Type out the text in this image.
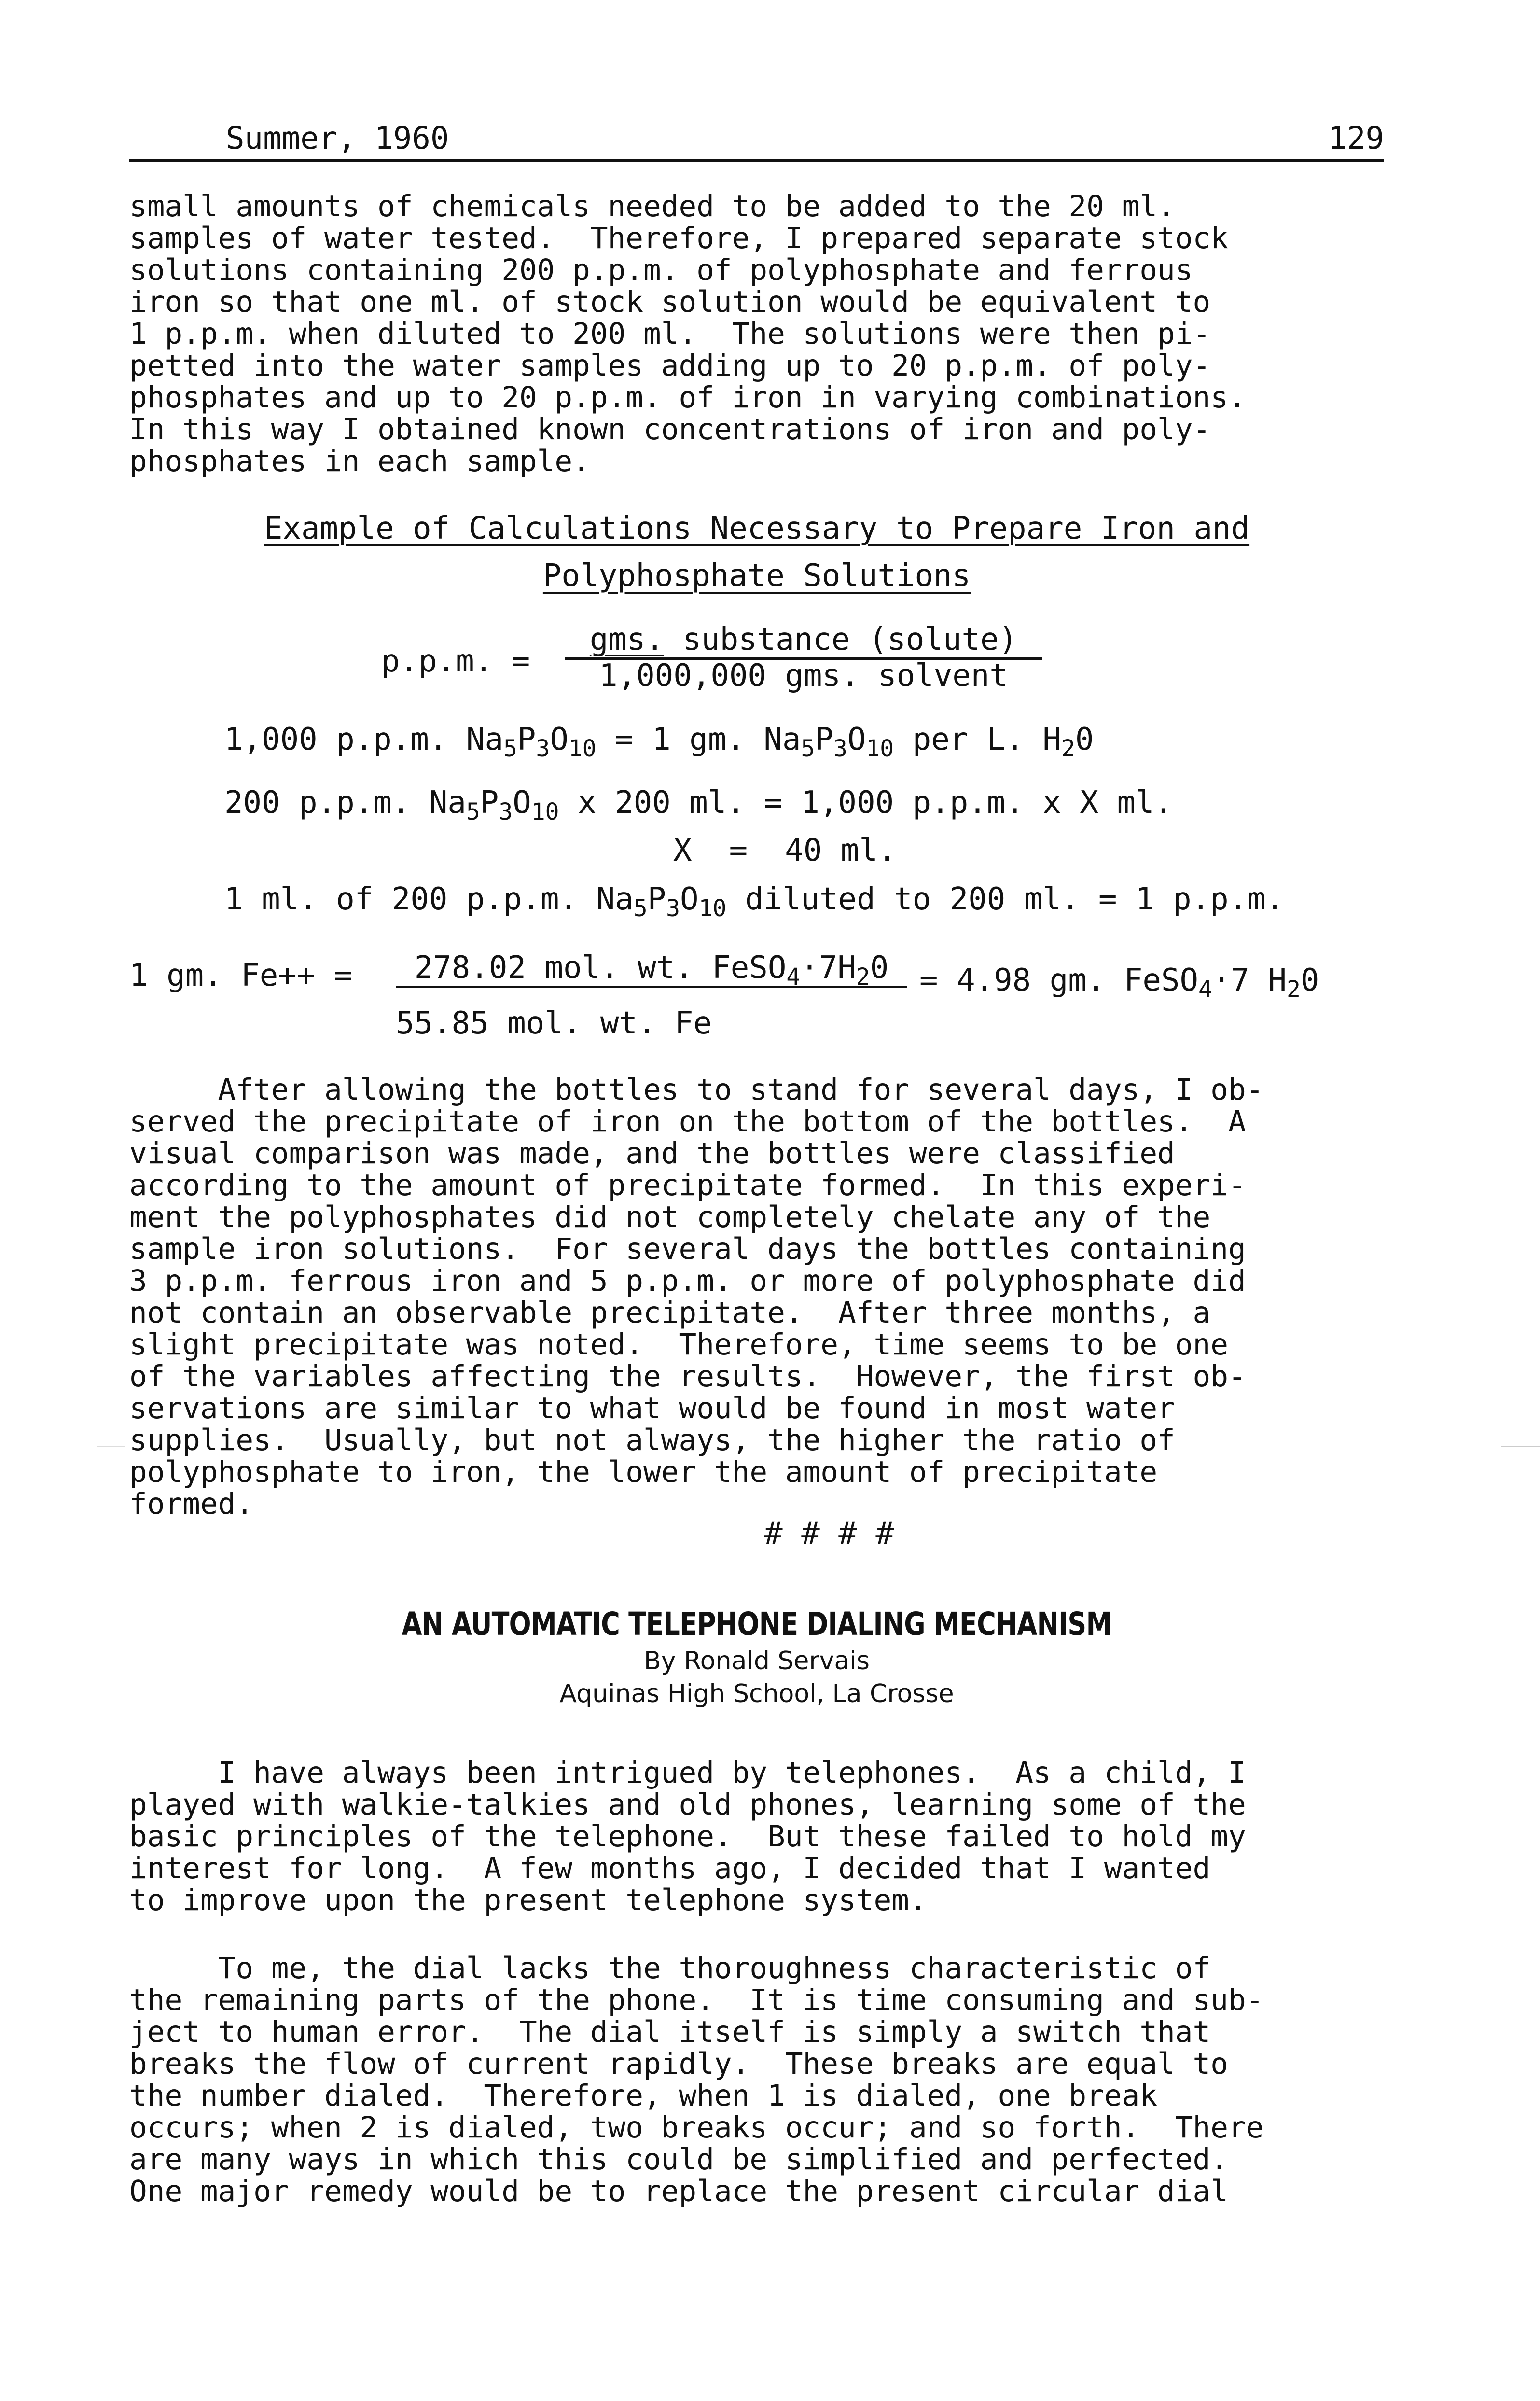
Summer, 1960	129
small amounts of chemicals needed to be added to the 20 ml.
samples of water tested.  Therefore, I prepared separate stock
solutions containing 200 p.p.m. of polyphosphate and ferrous
iron so that one ml. of stock solution would be equivalent to
1 p.p.m. when diluted to 200 ml.  The solutions were then pi-
petted into the water samples adding up to 20 p.p.m. of poly-
phosphates and up to 20 p.p.m. of iron in varying combinations.
In this way I obtained known concentrations of iron and poly-
phosphates in each sample.
Example of Calculations Necessary to Prepare Iron and
Polyphosphate Solutions
p.p.m. =
gms. substance (solute)
1,000,000 gms. solvent
1,000 p.p.m. $Na_5P_3O_{10} = 1$ gm. $Na_5P_3O_{10}$ per L. $H_20$
200 p.p.m. $Na_5P_3O_{10}$ x 200 ml. = 1,000 p.p.m. x X ml.
X  =  40 ml.
1 ml. of 200 p.p.m. $Na_5P_3O_{10}$ diluted to 200 ml. = 1 p.p.m.
1 gm. Fe++ =	278.02 mol. wt. $FeSO_4\cdot 7H_20$
55.85 mol. wt. Fe
= 4.98 gm. FeSO$_4$·7 $H_20$
After allowing the bottles to stand for several days, I ob-
served the precipitate of iron on the bottom of the bottles.  A
visual comparison was made, and the bottles were classified
according to the amount of precipitate formed.  In this experi-
ment the polyphosphates did not completely chelate any of the
sample iron solutions.  For several days the bottles containing
3 p.p.m. ferrous iron and 5 p.p.m. or more of polyphosphate did
not contain an observable precipitate.  After three months, a
slight precipitate was noted.  Therefore, time seems to be one
of the variables affecting the results.  However, the first ob-
servations are similar to what would be found in most water
supplies.  Usually, but not always, the higher the ratio of
polyphosphate to iron, the lower the amount of precipitate
formed.
# # # #
AN AUTOMATIC TELEPHONE DIALING MECHANISM
By Ronald Servais
Aquinas High School, La Crosse
I have always been intrigued by telephones.  As a child, I
played with walkie-talkies and old phones, learning some of the
basic principles of the telephone.  But these failed to hold my
interest for long.  A few months ago, I decided that I wanted
to improve upon the present telephone system.
To me, the dial lacks the thoroughness characteristic of
the remaining parts of the phone.  It is time consuming and sub-
ject to human error.  The dial itself is simply a switch that
breaks the flow of current rapidly.  These breaks are equal to
the number dialed.  Therefore, when 1 is dialed, one break
occurs; when 2 is dialed, two breaks occur; and so forth.  There
are many ways in which this could be simplified and perfected.
One major remedy would be to replace the present circular dial
